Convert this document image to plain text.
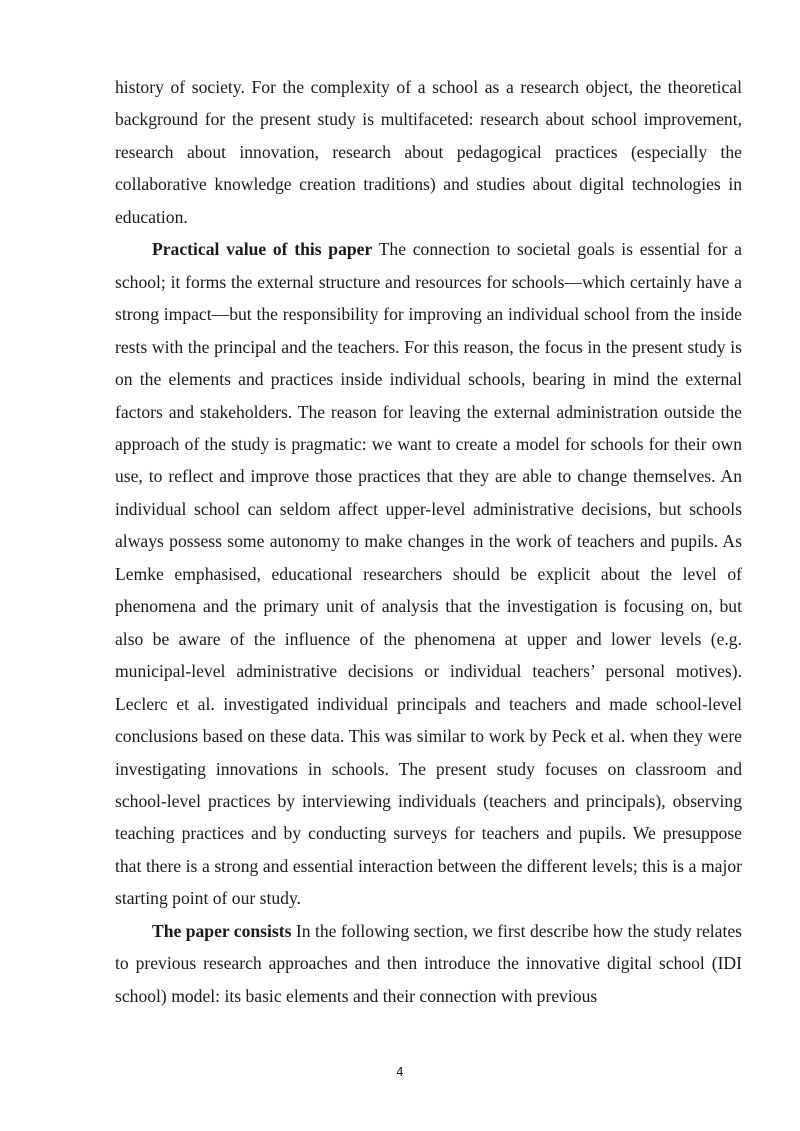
history of society. For the complexity of a school as a research object, the theoretical background for the present study is multifaceted: research about school improvement, research about innovation, research about pedagogical practices (especially the collaborative knowledge creation traditions) and studies about digital technologies in education.

Practical value of this paper The connection to societal goals is essential for a school; it forms the external structure and resources for schools—which certainly have a strong impact—but the responsibility for improving an individual school from the inside rests with the principal and the teachers. For this reason, the focus in the present study is on the elements and practices inside individual schools, bearing in mind the external factors and stakeholders. The reason for leaving the external administration outside the approach of the study is pragmatic: we want to create a model for schools for their own use, to reflect and improve those practices that they are able to change themselves. An individual school can seldom affect upper-level administrative decisions, but schools always possess some autonomy to make changes in the work of teachers and pupils. As Lemke emphasised, educational researchers should be explicit about the level of phenomena and the primary unit of analysis that the investigation is focusing on, but also be aware of the influence of the phenomena at upper and lower levels (e.g. municipal-level administrative decisions or individual teachers’ personal motives). Leclerc et al. investigated individual principals and teachers and made school-level conclusions based on these data. This was similar to work by Peck et al. when they were investigating innovations in schools. The present study focuses on classroom and school-level practices by interviewing individuals (teachers and principals), observing teaching practices and by conducting surveys for teachers and pupils. We presuppose that there is a strong and essential interaction between the different levels; this is a major starting point of our study.

The paper consists In the following section, we first describe how the study relates to previous research approaches and then introduce the innovative digital school (IDI school) model: its basic elements and their connection with previous

4
